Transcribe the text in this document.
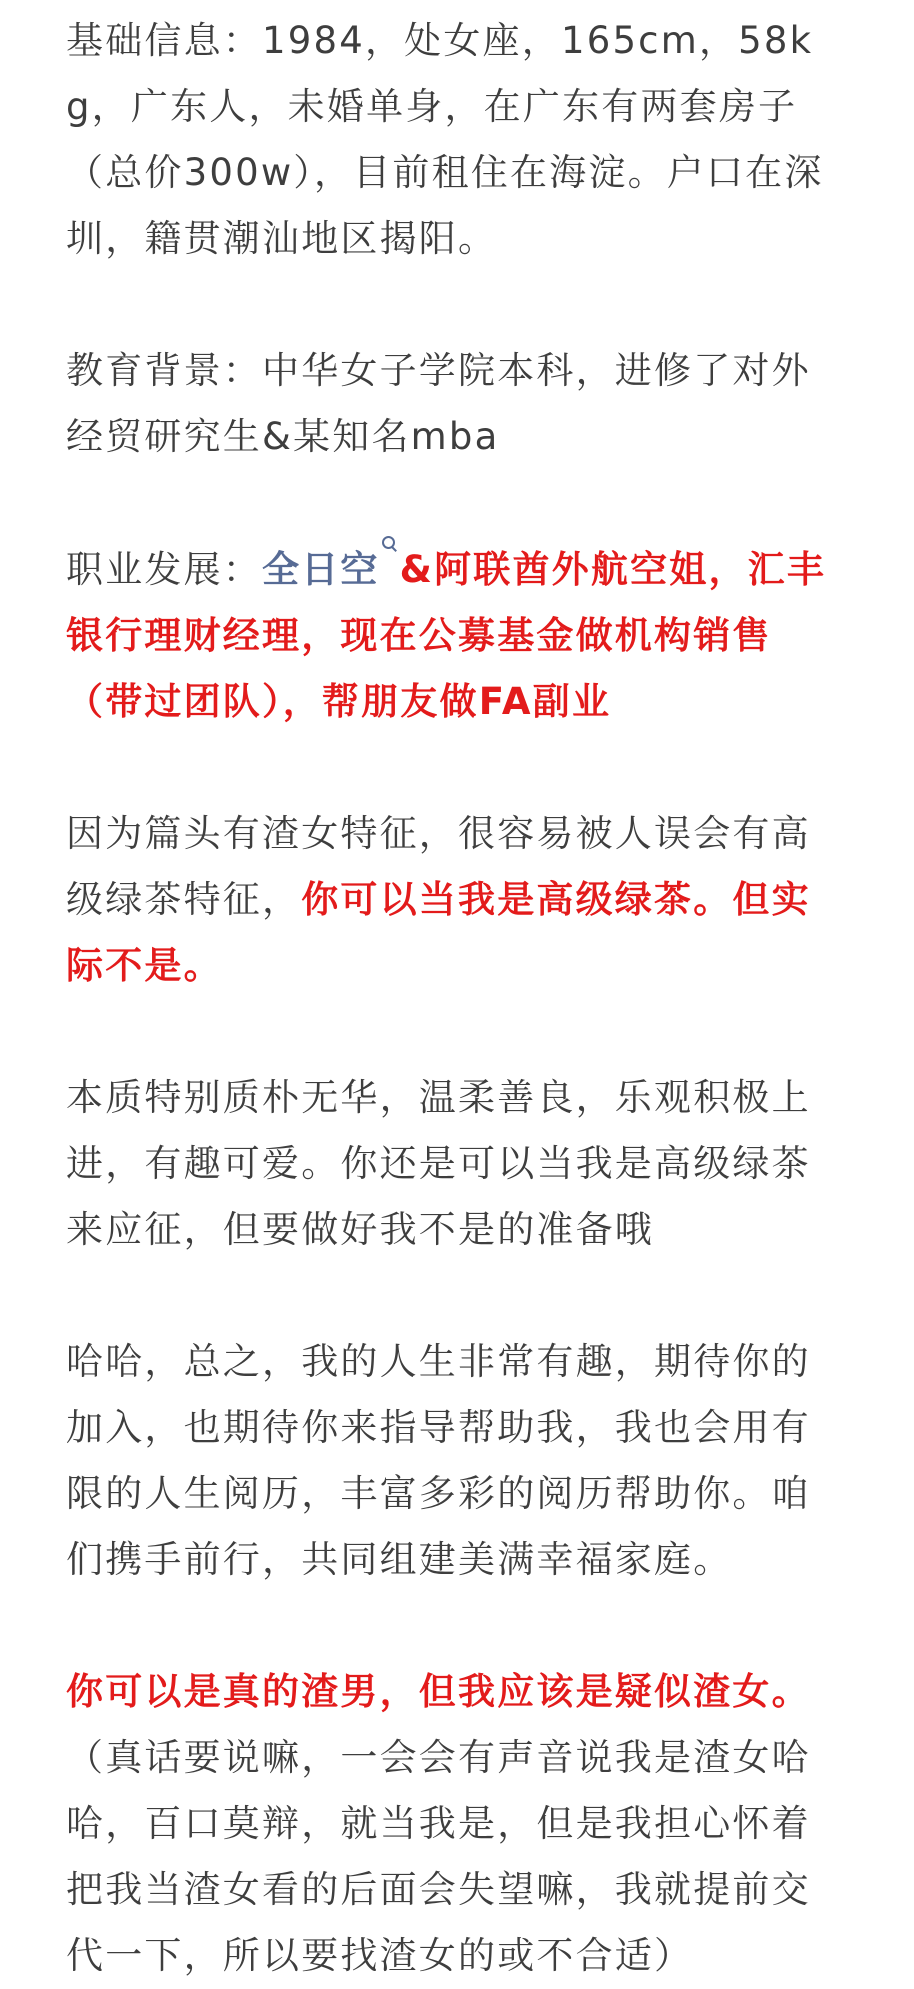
基础信息：1984，处女座，165cm，58kg，广东人，未婚单身，在广东有两套房子（总价300w），目前租住在海淀。户口在深圳，籍贯潮汕地区揭阳。

教育背景：中华女子学院本科，进修了对外经贸研究生&某知名mba

职业发展：全日空 &阿联酋外航空姐，汇丰银行理财经理，现在公募基金做机构销售（带过团队），帮朋友做FA副业

因为篇头有渣女特征，很容易被人误会有高级绿茶特征，你可以当我是高级绿茶。但实际不是。

本质特别质朴无华，温柔善良，乐观积极上进，有趣可爱。你还是可以当我是高级绿茶来应征，但要做好我不是的准备哦

哈哈，总之，我的人生非常有趣，期待你的加入，也期待你来指导帮助我，我也会用有限的人生阅历，丰富多彩的阅历帮助你。咱们携手前行，共同组建美满幸福家庭。

你可以是真的渣男，但我应该是疑似渣女。（真话要说嘛，一会会有声音说我是渣女哈哈，百口莫辩，就当我是，但是我担心怀着把我当渣女看的后面会失望嘛，我就提前交代一下，所以要找渣女的或不合适）
